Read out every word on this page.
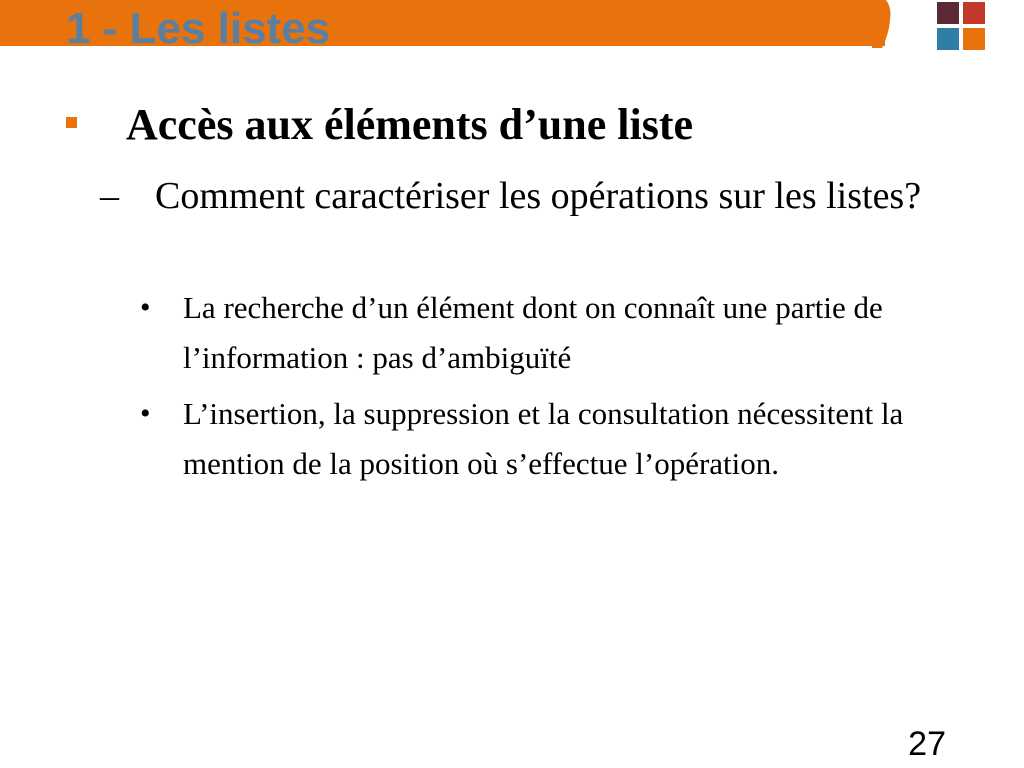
1 - Les listes
Accès aux éléments d’une liste
– Comment caractériser les opérations sur les listes?
• La recherche d’un élément dont on connaît une partie de l’information : pas d’ambiguïté
• L’insertion, la suppression et la consultation nécessitent la mention de la position où s’effectue l’opération.
27
